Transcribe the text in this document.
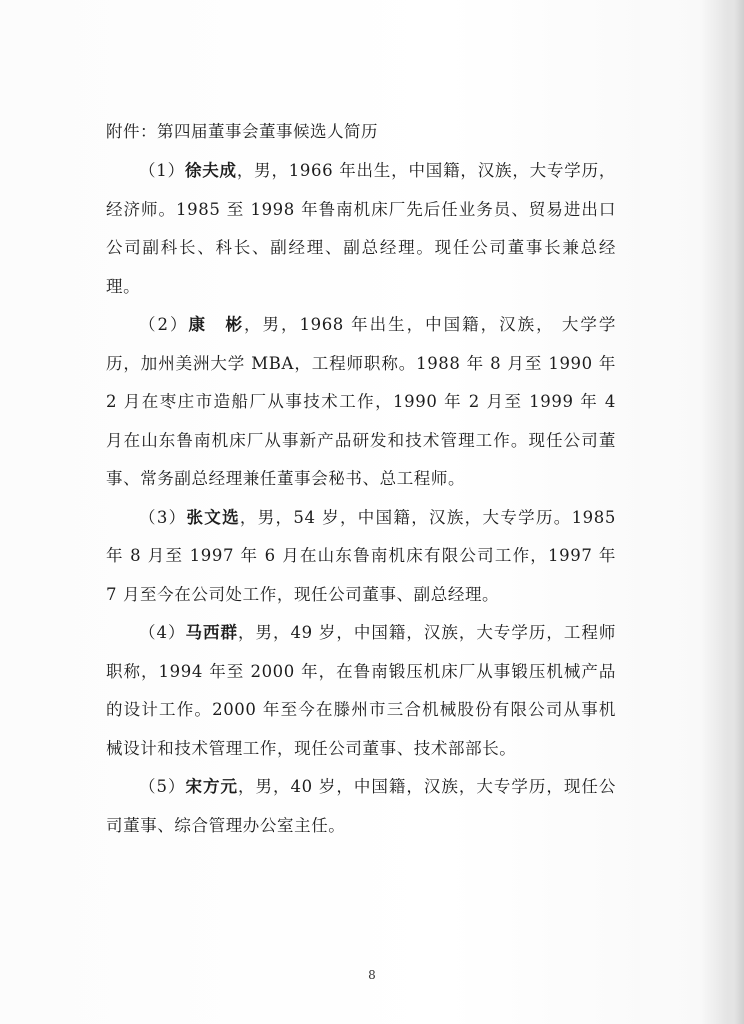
附件：第四届董事会董事候选人简历

（1）徐夫成，男，1966 年出生，中国籍，汉族，大专学历，经济师。1985 至 1998 年鲁南机床厂先后任业务员、贸易进出口公司副科长、科长、副经理、副总经理。现任公司董事长兼总经理。

（2）康　彬，男，1968 年出生，中国籍，汉族， 大学学历，加州美洲大学 MBA，工程师职称。1988 年 8 月至 1990 年 2 月在枣庄市造船厂从事技术工作，1990 年 2 月至 1999 年 4 月在山东鲁南机床厂从事新产品研发和技术管理工作。现任公司董事、常务副总经理兼任董事会秘书、总工程师。

（3）张文选，男，54 岁，中国籍，汉族，大专学历。1985 年 8 月至 1997 年 6 月在山东鲁南机床有限公司工作，1997 年 7 月至今在公司处工作，现任公司董事、副总经理。

（4）马西群，男，49 岁，中国籍，汉族，大专学历，工程师职称，1994 年至 2000 年，在鲁南锻压机床厂从事锻压机械产品的设计工作。2000 年至今在滕州市三合机械股份有限公司从事机械设计和技术管理工作，现任公司董事、技术部部长。

（5）宋方元，男，40 岁，中国籍，汉族，大专学历，现任公司董事、综合管理办公室主任。

8
